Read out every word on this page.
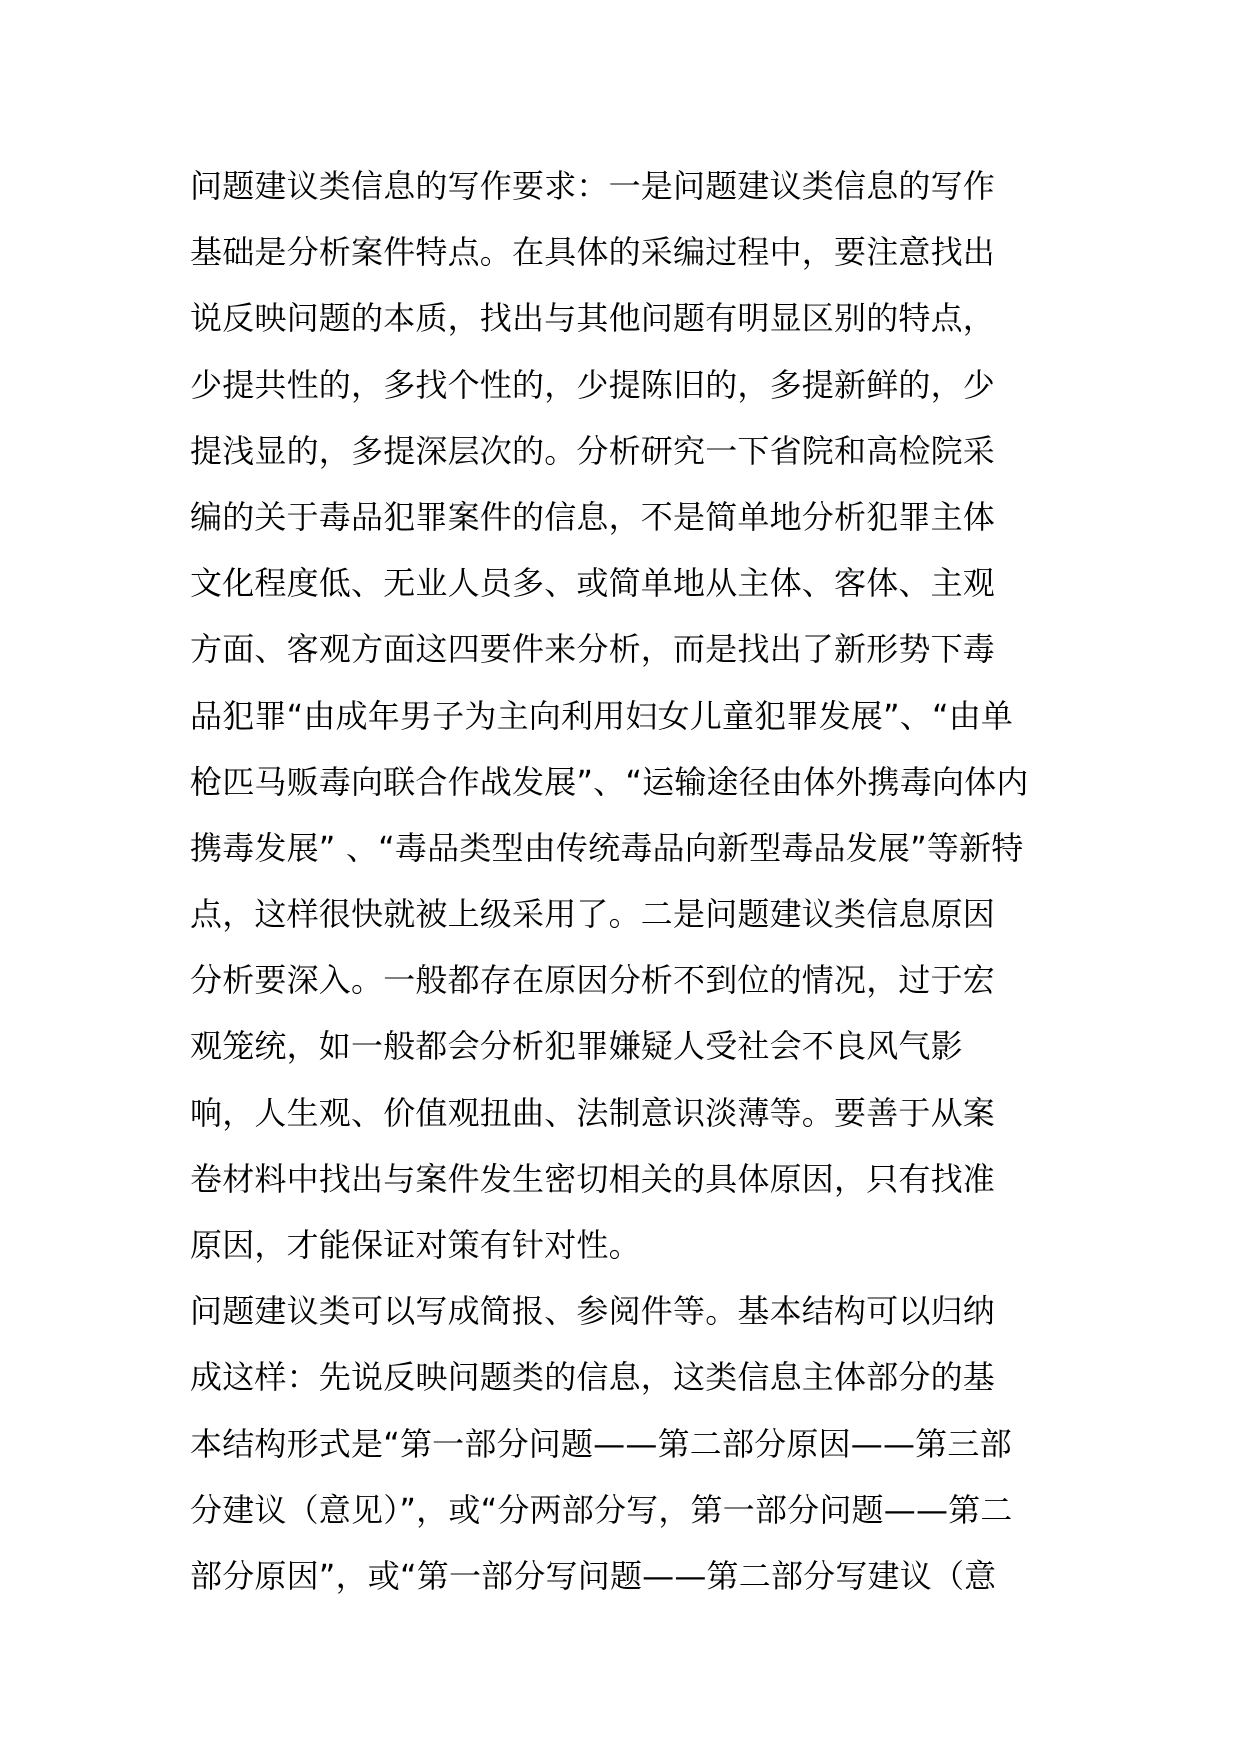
问题建议类信息的写作要求：一是问题建议类信息的写作
基础是分析案件特点。在具体的采编过程中，要注意找出
说反映问题的本质，找出与其他问题有明显区别的特点，
少提共性的，多找个性的，少提陈旧的，多提新鲜的，少
提浅显的，多提深层次的。分析研究一下省院和高检院采
编的关于毒品犯罪案件的信息，不是简单地分析犯罪主体
文化程度低、无业人员多、或简单地从主体、客体、主观
方面、客观方面这四要件来分析，而是找出了新形势下毒
品犯罪“由成年男子为主向利用妇女儿童犯罪发展”、“由单
枪匹马贩毒向联合作战发展”、“运输途径由体外携毒向体内
携毒发展” 、“毒品类型由传统毒品向新型毒品发展”等新特
点，这样很快就被上级采用了。二是问题建议类信息原因
分析要深入。一般都存在原因分析不到位的情况，过于宏
观笼统，如一般都会分析犯罪嫌疑人受社会不良风气影
响，人生观、价值观扭曲、法制意识淡薄等。要善于从案
卷材料中找出与案件发生密切相关的具体原因，只有找准
原因，才能保证对策有针对性。
问题建议类可以写成简报、参阅件等。基本结构可以归纳
成这样：先说反映问题类的信息，这类信息主体部分的基
本结构形式是“第一部分问题——第二部分原因——第三部
分建议（意见）”，或“分两部分写，第一部分问题——第二
部分原因”，或“第一部分写问题——第二部分写建议（意
